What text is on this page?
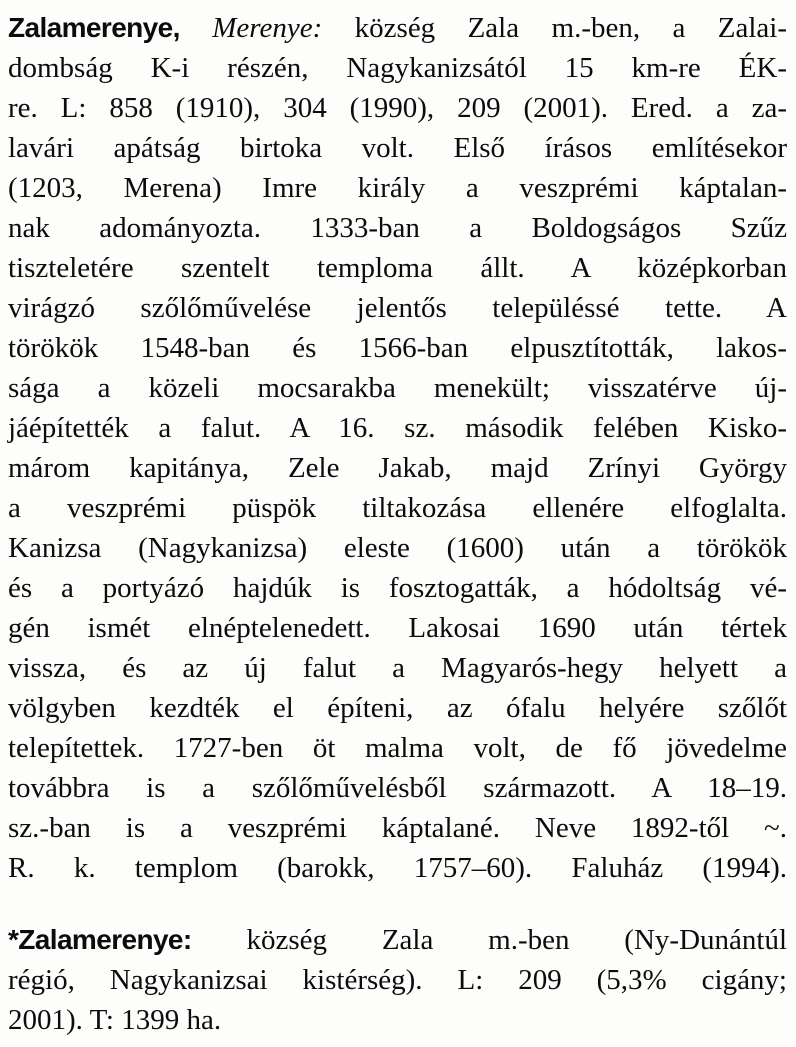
Zalamerenye, Merenye: község Zala m.-ben, a Zalai-
dombság K-i részén, Nagykanizsától 15 km-re ÉK-
re. L: 858 (1910), 304 (1990), 209 (2001). Ered. a za-
lavári apátság birtoka volt. Első írásos említésekor
(1203, Merena) Imre király a veszprémi káptalan-
nak adományozta. 1333-ban a Boldogságos Szűz
tiszteletére szentelt temploma állt. A középkorban
virágzó szőlőművelése jelentős településsé tette. A
törökök 1548-ban és 1566-ban elpusztították, lakos-
sága a közeli mocsarakba menekült; visszatérve új-
jáépítették a falut. A 16. sz. második felében Kisko-
márom kapitánya, Zele Jakab, majd Zrínyi György
a veszprémi püspök tiltakozása ellenére elfoglalta.
Kanizsa (Nagykanizsa) eleste (1600) után a törökök
és a portyázó hajdúk is fosztogatták, a hódoltság vé-
gén ismét elnéptelenedett. Lakosai 1690 után tértek
vissza, és az új falut a Magyarós-hegy helyett a
völgyben kezdték el építeni, az ófalu helyére szőlőt
telepítettek. 1727-ben öt malma volt, de fő jövedelme
továbbra is a szőlőművelésből származott. A 18–19.
sz.-ban is a veszprémi káptalané. Neve 1892-től ~.
R. k. templom (barokk, 1757–60). Faluház (1994).

*Zalamerenye: község Zala m.-ben (Ny-Dunántúl
régió, Nagykanizsai kistérség). L: 209 (5,3% cigány;
2001). T: 1399 ha.
